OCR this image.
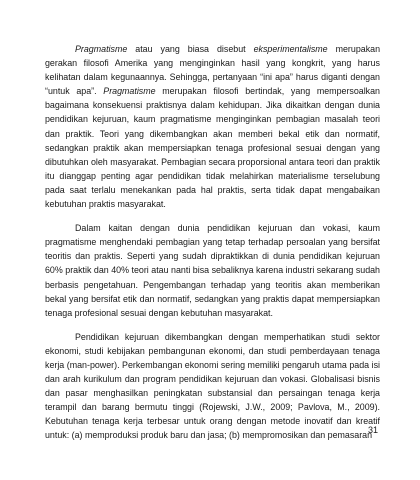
Pragmatisme atau yang biasa disebut eksperimentalisme merupakan gerakan filosofi Amerika yang menginginkan hasil yang kongkrit, yang harus kelihatan dalam kegunaannya. Sehingga, pertanyaan “ini apa” harus diganti dengan “untuk apa”. Pragmatisme merupakan filosofi bertindak, yang mempersoalkan bagaimana konsekuensi praktisnya dalam kehidupan. Jika dikaitkan dengan dunia pendidikan kejuruan, kaum pragmatisme menginginkan pembagian masalah teori dan praktik. Teori yang dikembangkan akan memberi bekal etik dan normatif, sedangkan praktik akan mempersiapkan tenaga profesional sesuai dengan yang dibutuhkan oleh masyarakat. Pembagian secara proporsional antara teori dan praktik itu dianggap penting agar pendidikan tidak melahirkan materialisme terselubung pada saat terlalu menekankan pada hal praktis, serta tidak dapat mengabaikan kebutuhan praktis masyarakat.

Dalam kaitan dengan dunia pendidikan kejuruan dan vokasi, kaum pragmatisme menghendaki pembagian yang tetap terhadap persoalan yang bersifat teoritis dan praktis. Seperti yang sudah dipraktikkan di dunia pendidikan kejuruan 60% praktik dan 40% teori atau nanti bisa sebaliknya karena industri sekarang sudah berbasis pengetahuan. Pengembangan terhadap yang teoritis akan memberikan bekal yang bersifat etik dan normatif, sedangkan yang praktis dapat mempersiapkan tenaga profesional sesuai dengan kebutuhan masyarakat.

Pendidikan kejuruan dikembangkan dengan memperhatikan studi sektor ekonomi, studi kebijakan pembangunan ekonomi, dan studi pemberdayaan tenaga kerja (man-power). Perkembangan ekonomi sering memiliki pengaruh utama pada isi dan arah kurikulum dan program pendidikan kejuruan dan vokasi. Globalisasi bisnis dan pasar menghasilkan peningkatan substansial dan persaingan tenaga kerja terampil dan barang bermutu tinggi (Rojewski, J.W., 2009; Pavlova, M., 2009). Kebutuhan tenaga kerja terbesar untuk orang dengan metode inovatif dan kreatif untuk: (a) memproduksi produk baru dan jasa; (b) mempromosikan dan pemasaran

31
